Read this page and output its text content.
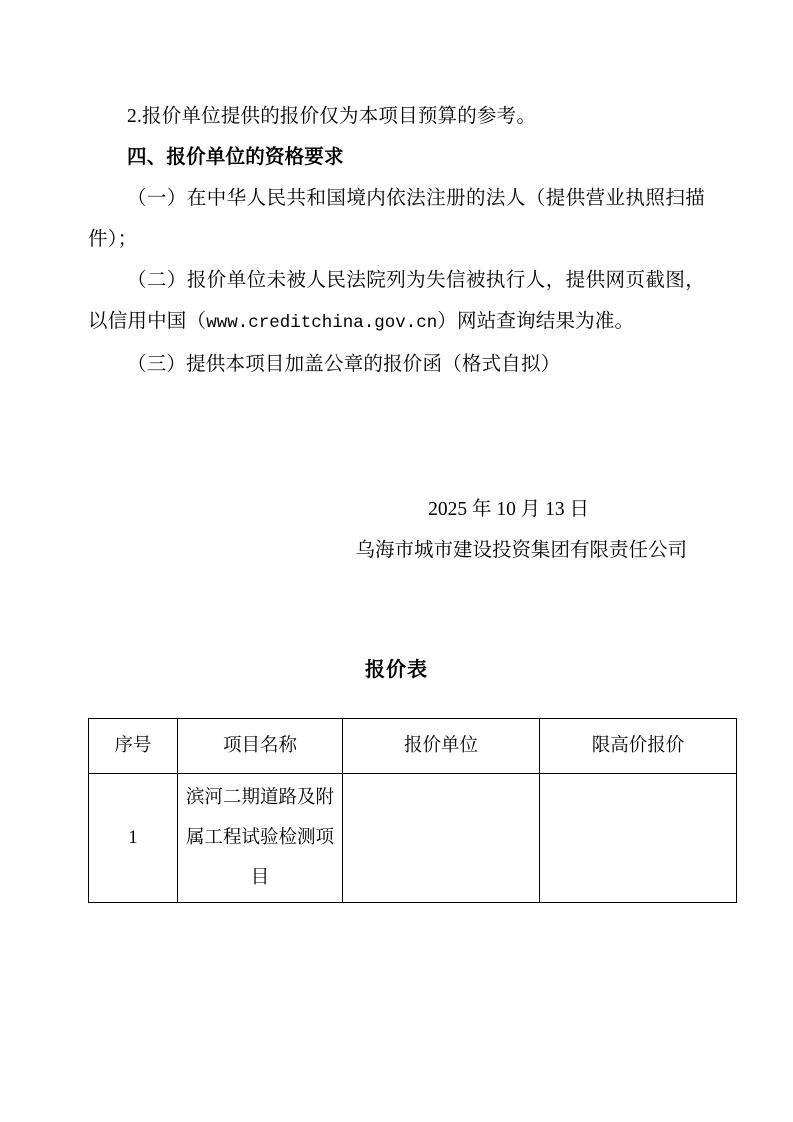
2.报价单位提供的报价仅为本项目预算的参考。

四、报价单位的资格要求

（一）在中华人民共和国境内依法注册的法人（提供营业执照扫描件）；

（二）报价单位未被人民法院列为失信被执行人，提供网页截图，以信用中国（www.creditchina.gov.cn）网站查询结果为准。

（三）提供本项目加盖公章的报价函（格式自拟）

2025 年 10 月 13 日

乌海市城市建设投资集团有限责任公司

报价表

序号	项目名称	报价单位	限高价报价
1	滨河二期道路及附属工程试验检测项目		
